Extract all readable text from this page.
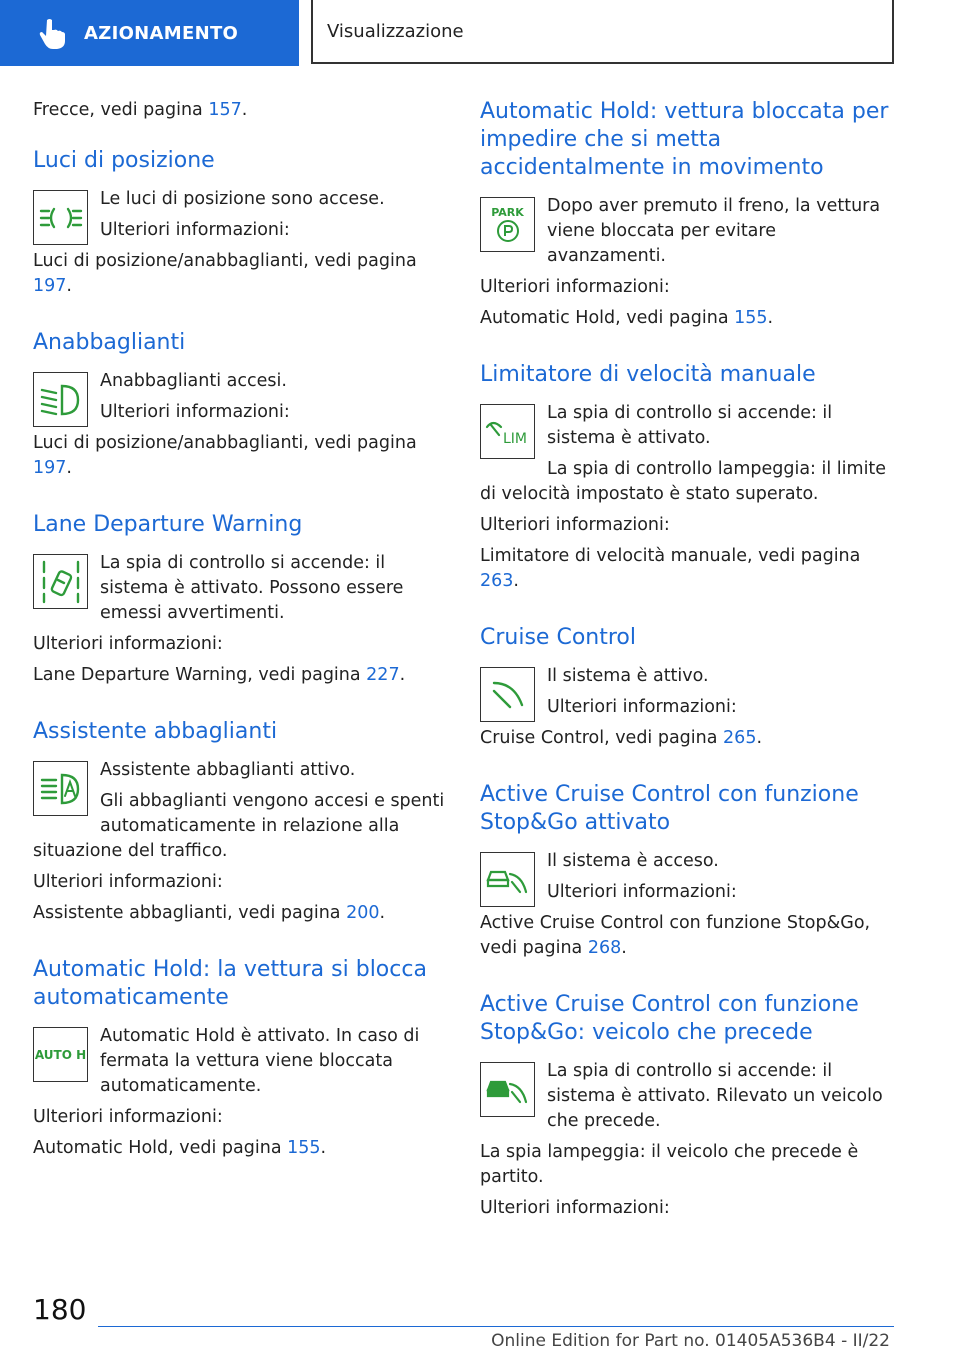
AZIONAMENTO	Visualizzazione

Frecce, vedi pagina 157.

Luci di posizione

Le luci di posizione sono accese.

Ulteriori informazioni:

Luci di posizione/anabbaglianti, vedi pagina 197.

Anabbaglianti

Anabbaglianti accesi.

Ulteriori informazioni:

Luci di posizione/anabbaglianti, vedi pagina 197.

Lane Departure Warning

La spia di controllo si accende: il sistema è attivato. Possono essere emessi avvertimenti.

Ulteriori informazioni:

Lane Departure Warning, vedi pagina 227.

Assistente abbaglianti

Assistente abbaglianti attivo.

Gli abbaglianti vengono accesi e spenti automaticamente in relazione alla situazione del traffico.

Ulteriori informazioni:

Assistente abbaglianti, vedi pagina 200.

Automatic Hold: la vettura si blocca automaticamente
AUTO H

Automatic Hold è attivato. In caso di fermata la vettura viene bloccata automaticamente.

Ulteriori informazioni:

Automatic Hold, vedi pagina 155.

Automatic Hold: vettura bloccata per impedire che si metta accidentalmente in movimento
PARK	Dopo aver premuto il freno, la vettura viene bloccata per evitare avanzamenti.

Ulteriori informazioni:

Automatic Hold, vedi pagina 155.

Limitatore di velocità manuale
LIM

La spia di controllo si accende: il sistema è attivato.

La spia di controllo lampeggia: il limite di velocità impostato è stato superato.

Ulteriori informazioni:

Limitatore di velocità manuale, vedi pagina 263.

Cruise Control

Il sistema è attivo.

Ulteriori informazioni:

Cruise Control, vedi pagina 265.

Active Cruise Control con funzione Stop&Go attivato

Il sistema è acceso.

Ulteriori informazioni:

Active Cruise Control con funzione Stop&Go, vedi pagina 268.

Active Cruise Control con funzione Stop&Go: veicolo che precede

La spia di controllo si accende: il sistema è attivato. Rilevato un veicolo che precede.

La spia lampeggia: il veicolo che precede è partito.

Ulteriori informazioni:

180
Online Edition for Part no. 01405A536B4 - II/22
